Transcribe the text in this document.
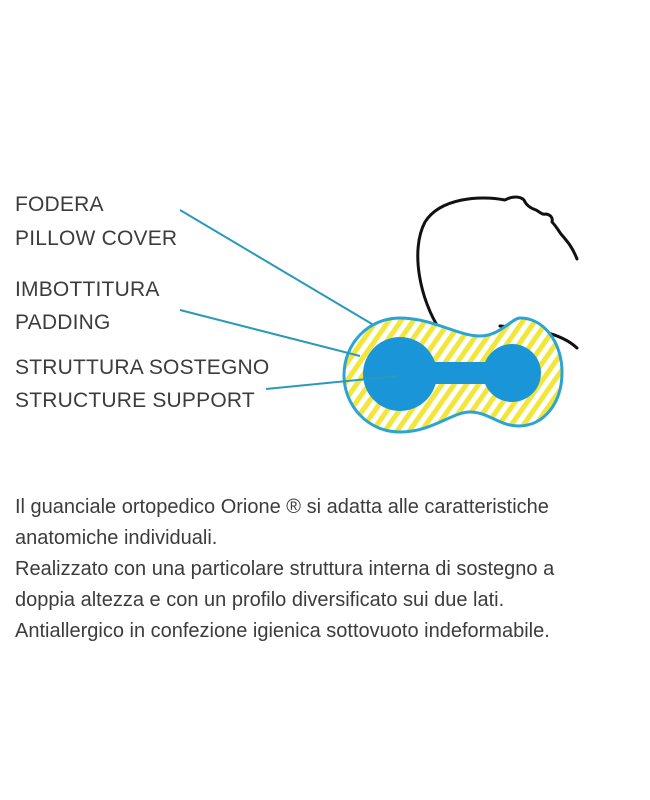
FODERA
PILLOW COVER
IMBOTTITURA
PADDING
STRUTTURA SOSTEGNO
STRUCTURE SUPPORT

Il guanciale ortopedico Orione ® si adatta alle caratteristiche

anatomiche individuali.

Realizzato con una particolare struttura interna di sostegno a

doppia altezza e con un profilo diversificato sui due lati.

Antiallergico in confezione igienica sottovuoto indeformabile.
